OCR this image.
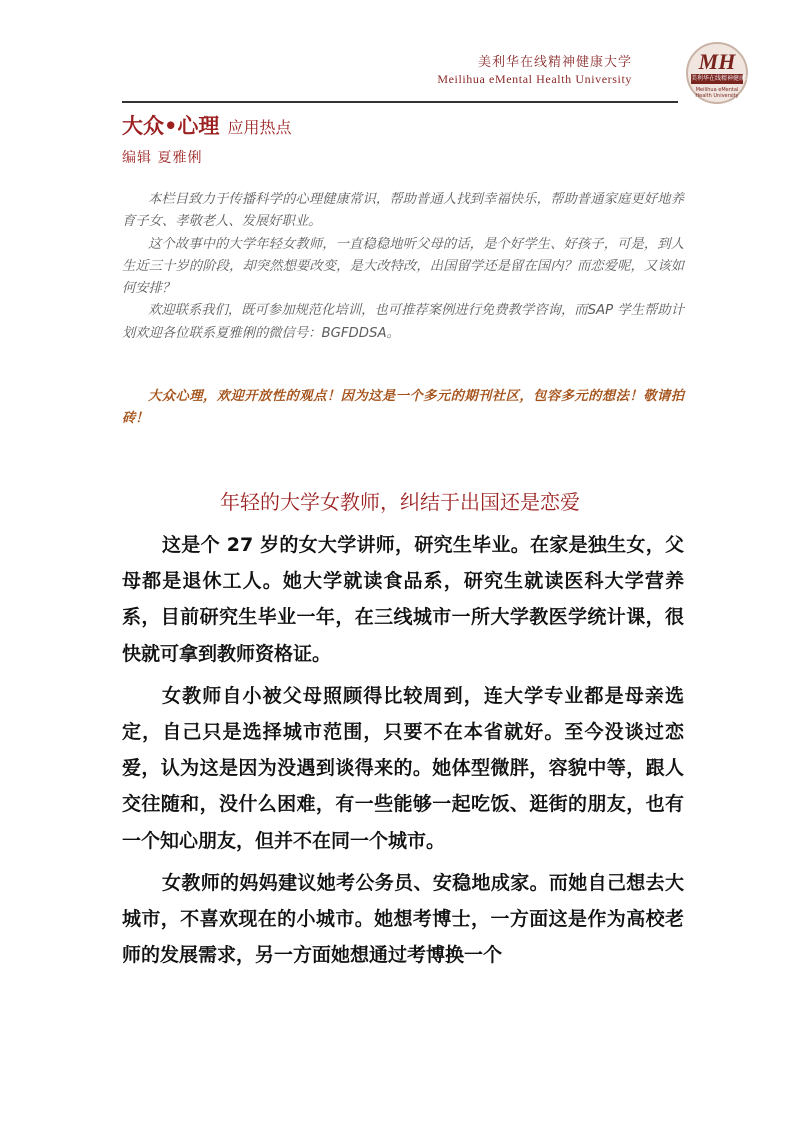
美利华在线精神健康大学
Meilihua eMental Health University
MH
美利华在线精神健康大学
Meilihua eMental Health University
大众•心理 应用热点
编辑 夏雅俐

本栏目致力于传播科学的心理健康常识，帮助普通人找到幸福快乐，帮助普通家庭更好地养育子女、孝敬老人、发展好职业。

这个故事中的大学年轻女教师，一直稳稳地听父母的话，是个好学生、好孩子，可是，到人生近三十岁的阶段，却突然想要改变，是大改特改，出国留学还是留在国内？而恋爱呢，又该如何安排？

欢迎联系我们，既可参加规范化培训，也可推荐案例进行免费教学咨询，而SAP 学生帮助计划欢迎各位联系夏雅俐的微信号：BGFDDSA。

大众心理，欢迎开放性的观点！因为这是一个多元的期刊社区，包容多元的想法！敬请拍砖！
年轻的大学女教师，纠结于出国还是恋爱

这是个 27 岁的女大学讲师，研究生毕业。在家是独生女，父母都是退休工人。她大学就读食品系，研究生就读医科大学营养系，目前研究生毕业一年，在三线城市一所大学教医学统计课，很快就可拿到教师资格证。

女教师自小被父母照顾得比较周到，连大学专业都是母亲选定，自己只是选择城市范围，只要不在本省就好。至今没谈过恋爱，认为这是因为没遇到谈得来的。她体型微胖，容貌中等，跟人交往随和，没什么困难，有一些能够一起吃饭、逛街的朋友，也有一个知心朋友，但并不在同一个城市。

女教师的妈妈建议她考公务员、安稳地成家。而她自己想去大城市，不喜欢现在的小城市。她想考博士，一方面这是作为高校老师的发展需求，另一方面她想通过考博换一个
